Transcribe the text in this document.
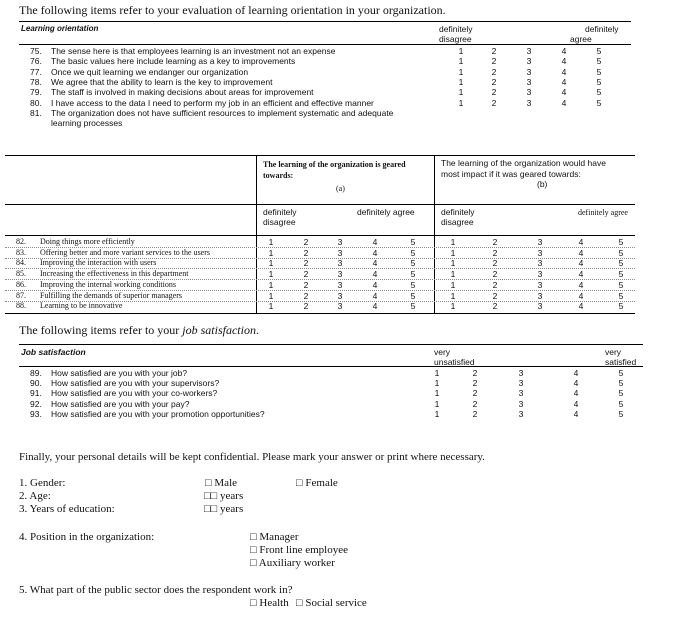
The following items refer to your evaluation of learning orientation in your organization.
Learning orientation	definitely
disagree
definitely
agree
75. The sense here is that employees learning is an investment not an expense	1	2	3	4	5
76. The basic values here include learning as a key to improvements	1	2	3	4	5
77. Once we quit learning we endanger our organization	1	2	3	4	5
78. We agree that the ability to learn is the key to improvement	1	2	3	4	5
79. The staff is involved in making decisions about areas for improvement	1	2	3	4	5
80. I have access to the data I need to perform my job in an efficient and effective manner	1	2	3	4	5
81. The organization does not have sufficient resources to implement systematic and adequate
learning processes
The learning of the organization is geared
towards:
(a)
The learning of the organization would have
most impact if it was geared towards:
(b)
definitely
disagree
definitely agree	definitely
disagree
definitely agree
82. Doing things more efficiently	1	2	3	4	5	1	2	3	4	5
83. Offering better and more variant services to the users	1	2	3	4	5	1	2	3	4	5
84. Improving the interaction with users	1	2	3	4	5	1	2	3	4	5
85. Increasing the effectiveness in this department	1	2	3	4	5	1	2	3	4	5
86. Improving the internal working conditions	1	2	3	4	5	1	2	3	4	5
87. Fulfilling the demands of superior managers	1	2	3	4	5	1	2	3	4	5
88. Learning to be innovative	1	2	3	4	5	1	2	3	4	5
The following items refer to your job satisfaction.
Job satisfaction	very
unsatisfied
very
satisfied
89. How satisfied are you with your job?	1	2	3	4	5
90. How satisfied are you with your supervisors?	1	2	3	4	5
91. How satisfied are you with your co-workers?	1	2	3	4	5
92. How satisfied are you with your pay?	1	2	3	4	5
93. How satisfied are you with your promotion opportunities?	1	2	3	4	5
Finally, your personal details will be kept confidential. Please mark your answer or print where necessary.
1. Gender:	□ Male	□ Female
2. Age:	□□ years
3. Years of education:	□□ years
4. Position in the organization:	□ Manager
□ Front line employee
□ Auxiliary worker
5. What part of the public sector does the respondent work in?
□ Health □ Social service
